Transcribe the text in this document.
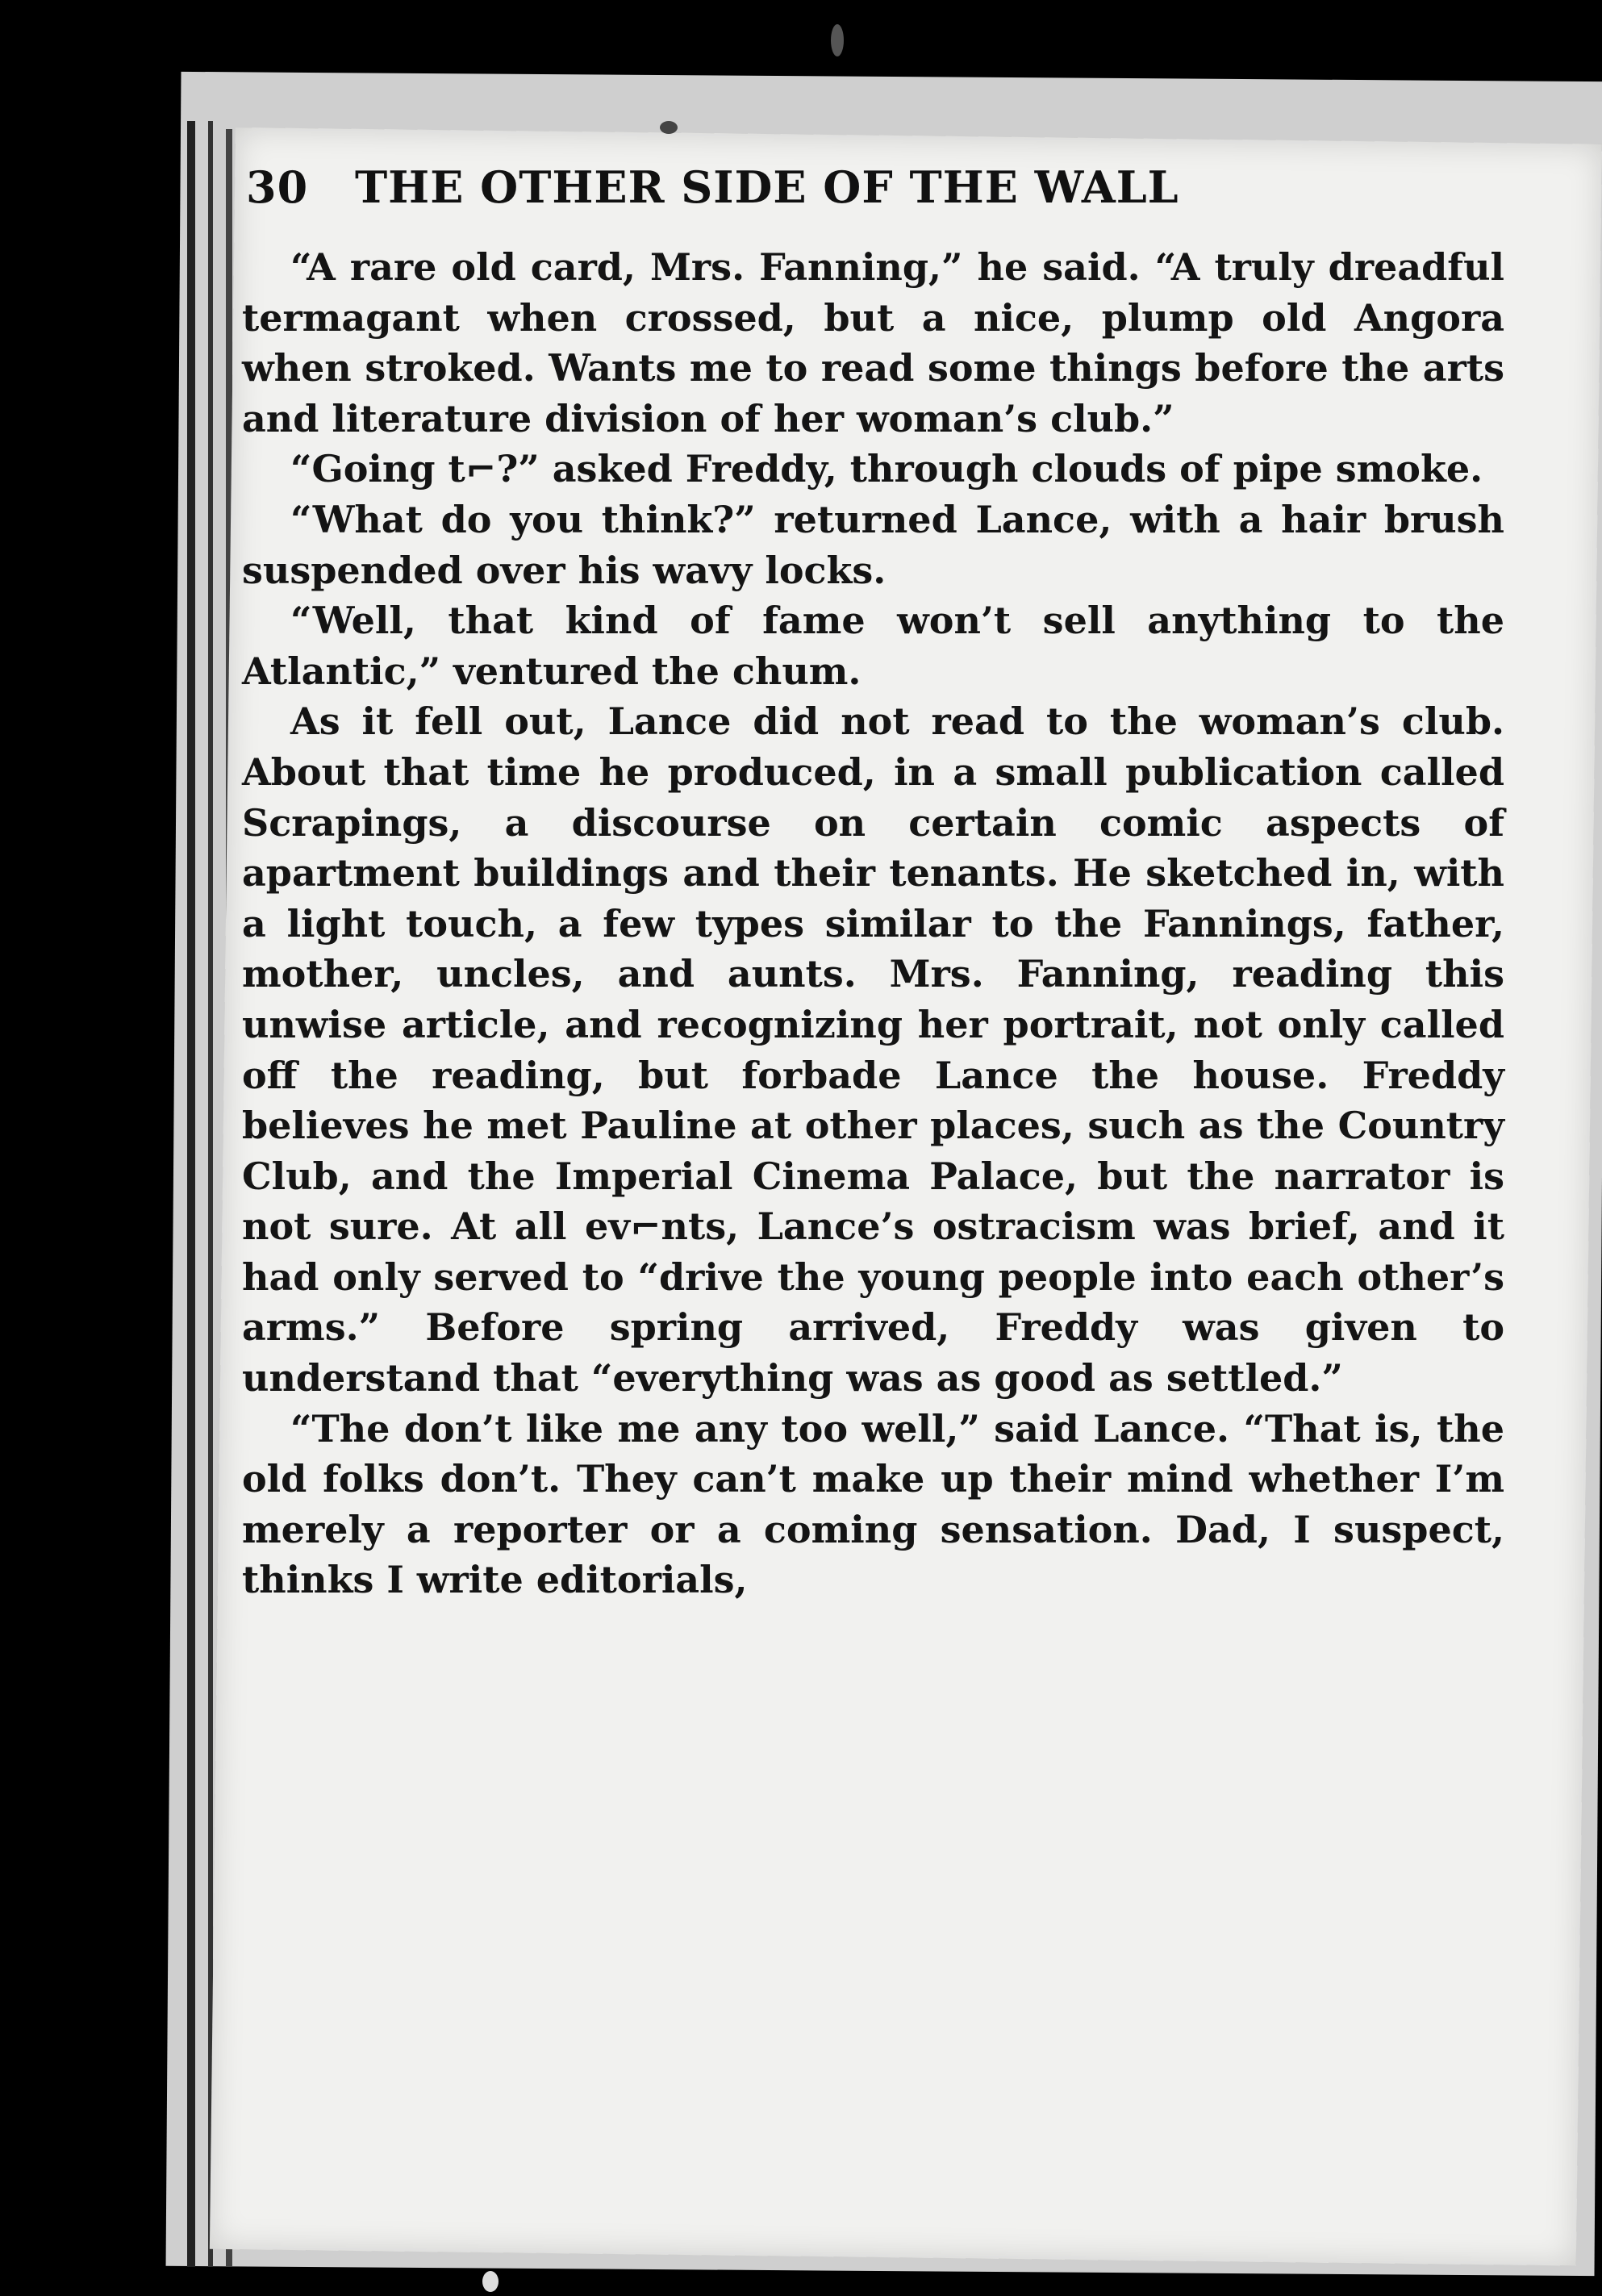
30 THE OTHER SIDE OF THE WALL

“A rare old card, Mrs. Fanning,” he said. “A truly dreadful termagant when crossed, but a nice, plump old Angora when stroked. Wants me to read some things before the arts and literature division of her woman’s club.”

“Going t⌐?” asked Freddy, through clouds of pipe smoke.

“What do you think?” returned Lance, with a hair brush suspended over his wavy locks.

“Well, that kind of fame won’t sell anything to the Atlantic,” ventured the chum.

As it fell out, Lance did not read to the woman’s club. About that time he produced, in a small publication called Scrapings, a discourse on certain comic aspects of apartment buildings and their tenants. He sketched in, with a light touch, a few types similar to the Fannings, father, mother, uncles, and aunts. Mrs. Fanning, reading this unwise article, and recognizing her portrait, not only called off the reading, but forbade Lance the house. Freddy believes he met Pauline at other places, such as the Country Club, and the Imperial Cinema Palace, but the narrator is not sure. At all ev⌐nts, Lance’s ostracism was brief, and it had only served to “drive the young people into each other’s arms.” Before spring arrived, Freddy was given to understand that “everything was as good as settled.”

“The don’t like me any too well,” said Lance. “That is, the old folks don’t. They can’t make up their mind whether I’m merely a reporter or a coming sensation. Dad, I suspect, thinks I write editorials,
